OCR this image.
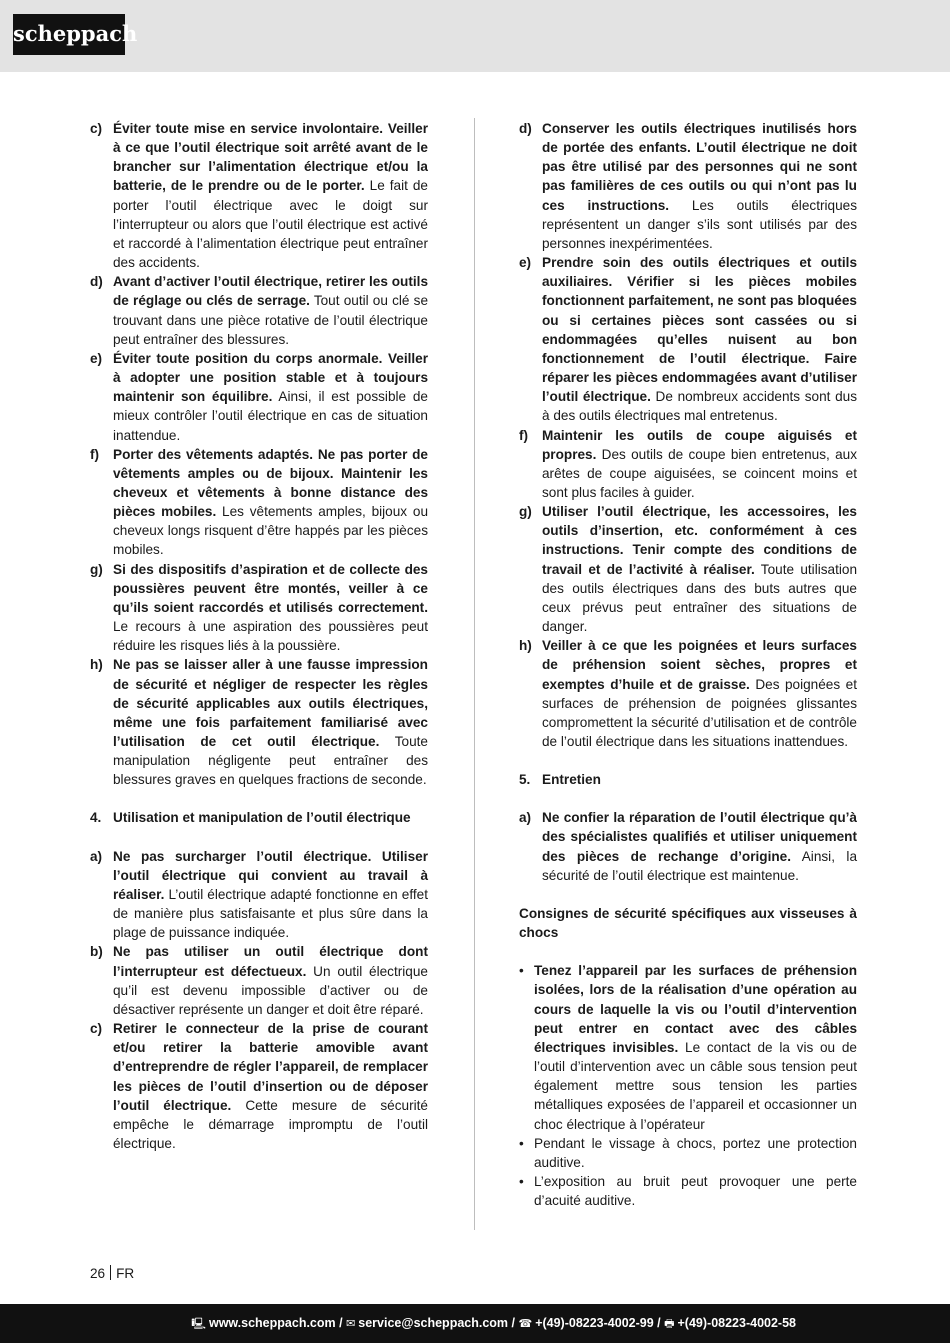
scheppach
c) Éviter toute mise en service involontaire. Veiller à ce que l’outil électrique soit arrêté avant de le brancher sur l’alimentation électrique et/ou la batterie, de le prendre ou de le porter. Le fait de porter l’outil électrique avec le doigt sur l’interrupteur ou alors que l’outil électrique est activé et raccordé à l’alimentation électrique peut entraîner des accidents.
d) Avant d’activer l’outil électrique, retirer les outils de réglage ou clés de serrage. Tout outil ou clé se trouvant dans une pièce rotative de l’outil électrique peut entraîner des blessures.
e) Éviter toute position du corps anormale. Veiller à adopter une position stable et à toujours maintenir son équilibre. Ainsi, il est possible de mieux contrôler l’outil électrique en cas de situation inattendue.
f) Porter des vêtements adaptés. Ne pas porter de vêtements amples ou de bijoux. Maintenir les cheveux et vêtements à bonne distance des pièces mobiles. Les vêtements amples, bijoux ou cheveux longs risquent d’être happés par les pièces mobiles.
g) Si des dispositifs d’aspiration et de collecte des poussières peuvent être montés, veiller à ce qu’ils soient raccordés et utilisés correctement. Le recours à une aspiration des poussières peut réduire les risques liés à la poussière.
h) Ne pas se laisser aller à une fausse impression de sécurité et négliger de respecter les règles de sécurité applicables aux outils électriques, même une fois parfaitement familiarisé avec l’utilisation de cet outil électrique. Toute manipulation négligente peut entraîner des blessures graves en quelques fractions de seconde.
4. Utilisation et manipulation de l’outil électrique
a) Ne pas surcharger l’outil électrique. Utiliser l’outil électrique qui convient au travail à réaliser. L’outil électrique adapté fonctionne en effet de manière plus satisfaisante et plus sûre dans la plage de puissance indiquée.
b) Ne pas utiliser un outil électrique dont l’interrupteur est défectueux. Un outil électrique qu’il est devenu impossible d’activer ou de désactiver représente un danger et doit être réparé.
c) Retirer le connecteur de la prise de courant et/ou retirer la batterie amovible avant d’entreprendre de régler l’appareil, de remplacer les pièces de l’outil d’insertion ou de déposer l’outil électrique. Cette mesure de sécurité empêche le démarrage impromptu de l’outil électrique.
d) Conserver les outils électriques inutilisés hors de portée des enfants. L’outil électrique ne doit pas être utilisé par des personnes qui ne sont pas familières de ces outils ou qui n’ont pas lu ces instructions. Les outils électriques représentent un danger s’ils sont utilisés par des personnes inexpérimentées.
e) Prendre soin des outils électriques et outils auxiliaires. Vérifier si les pièces mobiles fonctionnent parfaitement, ne sont pas bloquées ou si certaines pièces sont cassées ou si endommagées qu’elles nuisent au bon fonctionnement de l’outil électrique. Faire réparer les pièces endommagées avant d’utiliser l’outil électrique. De nombreux accidents sont dus à des outils électriques mal entretenus.
f) Maintenir les outils de coupe aiguisés et propres. Des outils de coupe bien entretenus, aux arêtes de coupe aiguisées, se coincent moins et sont plus faciles à guider.
g) Utiliser l’outil électrique, les accessoires, les outils d’insertion, etc. conformément à ces instructions. Tenir compte des conditions de travail et de l’activité à réaliser. Toute utilisation des outils électriques dans des buts autres que ceux prévus peut entraîner des situations de danger.
h) Veiller à ce que les poignées et leurs surfaces de préhension soient sèches, propres et exemptes d’huile et de graisse. Des poignées et surfaces de préhension de poignées glissantes compromettent la sécurité d’utilisation et de contrôle de l’outil électrique dans les situations inattendues.
5. Entretien
a) Ne confier la réparation de l’outil électrique qu’à des spécialistes qualifiés et utiliser uniquement des pièces de rechange d’origine. Ainsi, la sécurité de l’outil électrique est maintenue.
Consignes de sécurité spécifiques aux visseuses à chocs
• Tenez l’appareil par les surfaces de préhension isolées, lors de la réalisation d’une opération au cours de laquelle la vis ou l’outil d’intervention peut entrer en contact avec des câbles électriques invisibles. Le contact de la vis ou de l’outil d’intervention avec un câble sous tension peut également mettre sous tension les parties métalliques exposées de l’appareil et occasionner un choc électrique à l’opérateur
• Pendant le vissage à chocs, portez une protection auditive.
• L’exposition au bruit peut provoquer une perte d’acuité auditive.
26 FR
🖳 www.scheppach.com / ✉ service@scheppach.com / ☎ +(49)-08223-4002-99 / 🖶 +(49)-08223-4002-58
